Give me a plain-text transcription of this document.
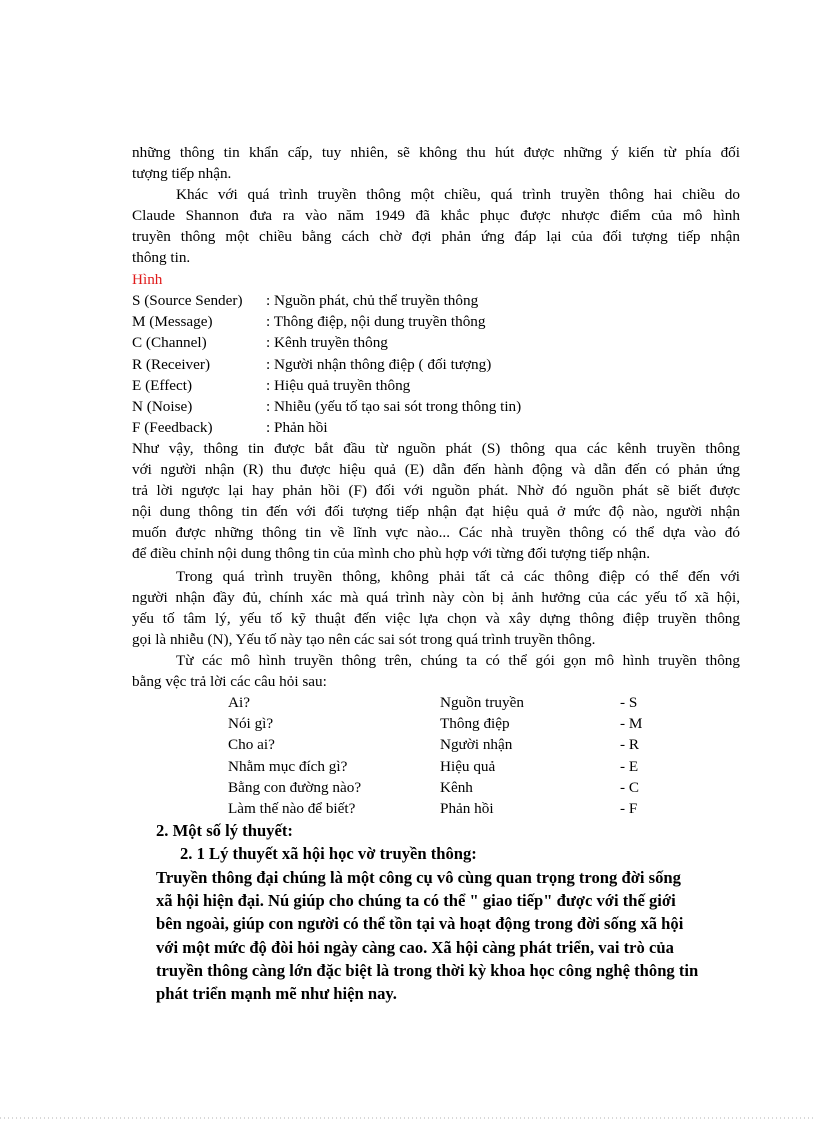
những thông tin khẩn cấp, tuy nhiên, sẽ không thu hút được những ý kiến từ phía đối
tượng tiếp nhận.
Khác với quá trình truyền thông một chiều, quá trình truyền thông hai chiều do
Claude Shannon đưa ra vào năm 1949 đã khắc phục được nhược điểm của mô hình
truyền thông một chiều bằng cách chờ đợi phản ứng đáp lại của đối tượng tiếp nhận
thông tin.
Hình
S (Source Sender) : Nguồn phát, chủ thể truyền thông
M (Message)	: Thông điệp, nội dung truyền thông
C (Channel)	: Kênh truyền thông
R (Receiver)	: Người nhận thông điệp ( đối tượng)
E (Effect)	: Hiệu quả truyền thông
N (Noise)	: Nhiễu (yếu tố tạo sai sót trong thông tin)
F (Feedback)	: Phản hồi
Như vậy, thông tin được bắt đầu từ nguồn phát (S) thông qua các kênh truyền thông
với người nhận (R) thu được hiệu quả (E) dẫn đến hành động và dẫn đến có phản ứng
trả lời ngược lại hay phản hồi (F) đối với nguồn phát. Nhờ đó nguồn phát sẽ biết được
nội dung thông tin đến với đối tượng tiếp nhận đạt hiệu quả ở mức độ nào, người nhận
muốn được những thông tin về lĩnh vực nào... Các nhà truyền thông có thể dựa vào đó
để điều chỉnh nội dung thông tin của mình cho phù hợp với từng đối tượng tiếp nhận.
Trong quá trình truyền thông, không phải tất cả các thông điệp có thể đến với
người nhận đầy đủ, chính xác mà quá trình này còn bị ảnh hưởng của các yếu tố xã hội,
yếu tố tâm lý, yếu tố kỹ thuật đến việc lựa chọn và xây dựng thông điệp truyền thông
gọi là nhiễu (N), Yếu tố này tạo nên các sai sót trong quá trình truyền thông.
Từ các mô hình truyền thông trên, chúng ta có thể gói gọn mô hình truyền thông
bằng vệc trả lời các câu hỏi sau:
Ai?	Nguồn truyền	- S
Nói gì?	Thông điệp	- M
Cho ai?	Người nhận	- R
Nhằm mục đích gì?	Hiệu quả	- E
Bằng con đường nào?	Kênh	- C
Làm thế nào để biết?	Phản hồi	- F
2. Một số lý thuyết:
2. 1 Lý thuyết xã hội học vờ truyền thông:
Truyền thông đại chúng là một công cụ vô cùng quan trọng trong đời sống
xã hội hiện đại. Nú giúp cho chúng ta có thể " giao tiếp" được với thế giới
bên ngoài, giúp con người có thể tồn tại và hoạt động trong đời sống xã hội
với một mức độ đòi hỏi ngày càng cao. Xã hội càng phát triển, vai trò của
truyền thông càng lớn đặc biệt là trong thời kỳ khoa học công nghệ thông tin
phát triển mạnh mẽ như hiện nay.
